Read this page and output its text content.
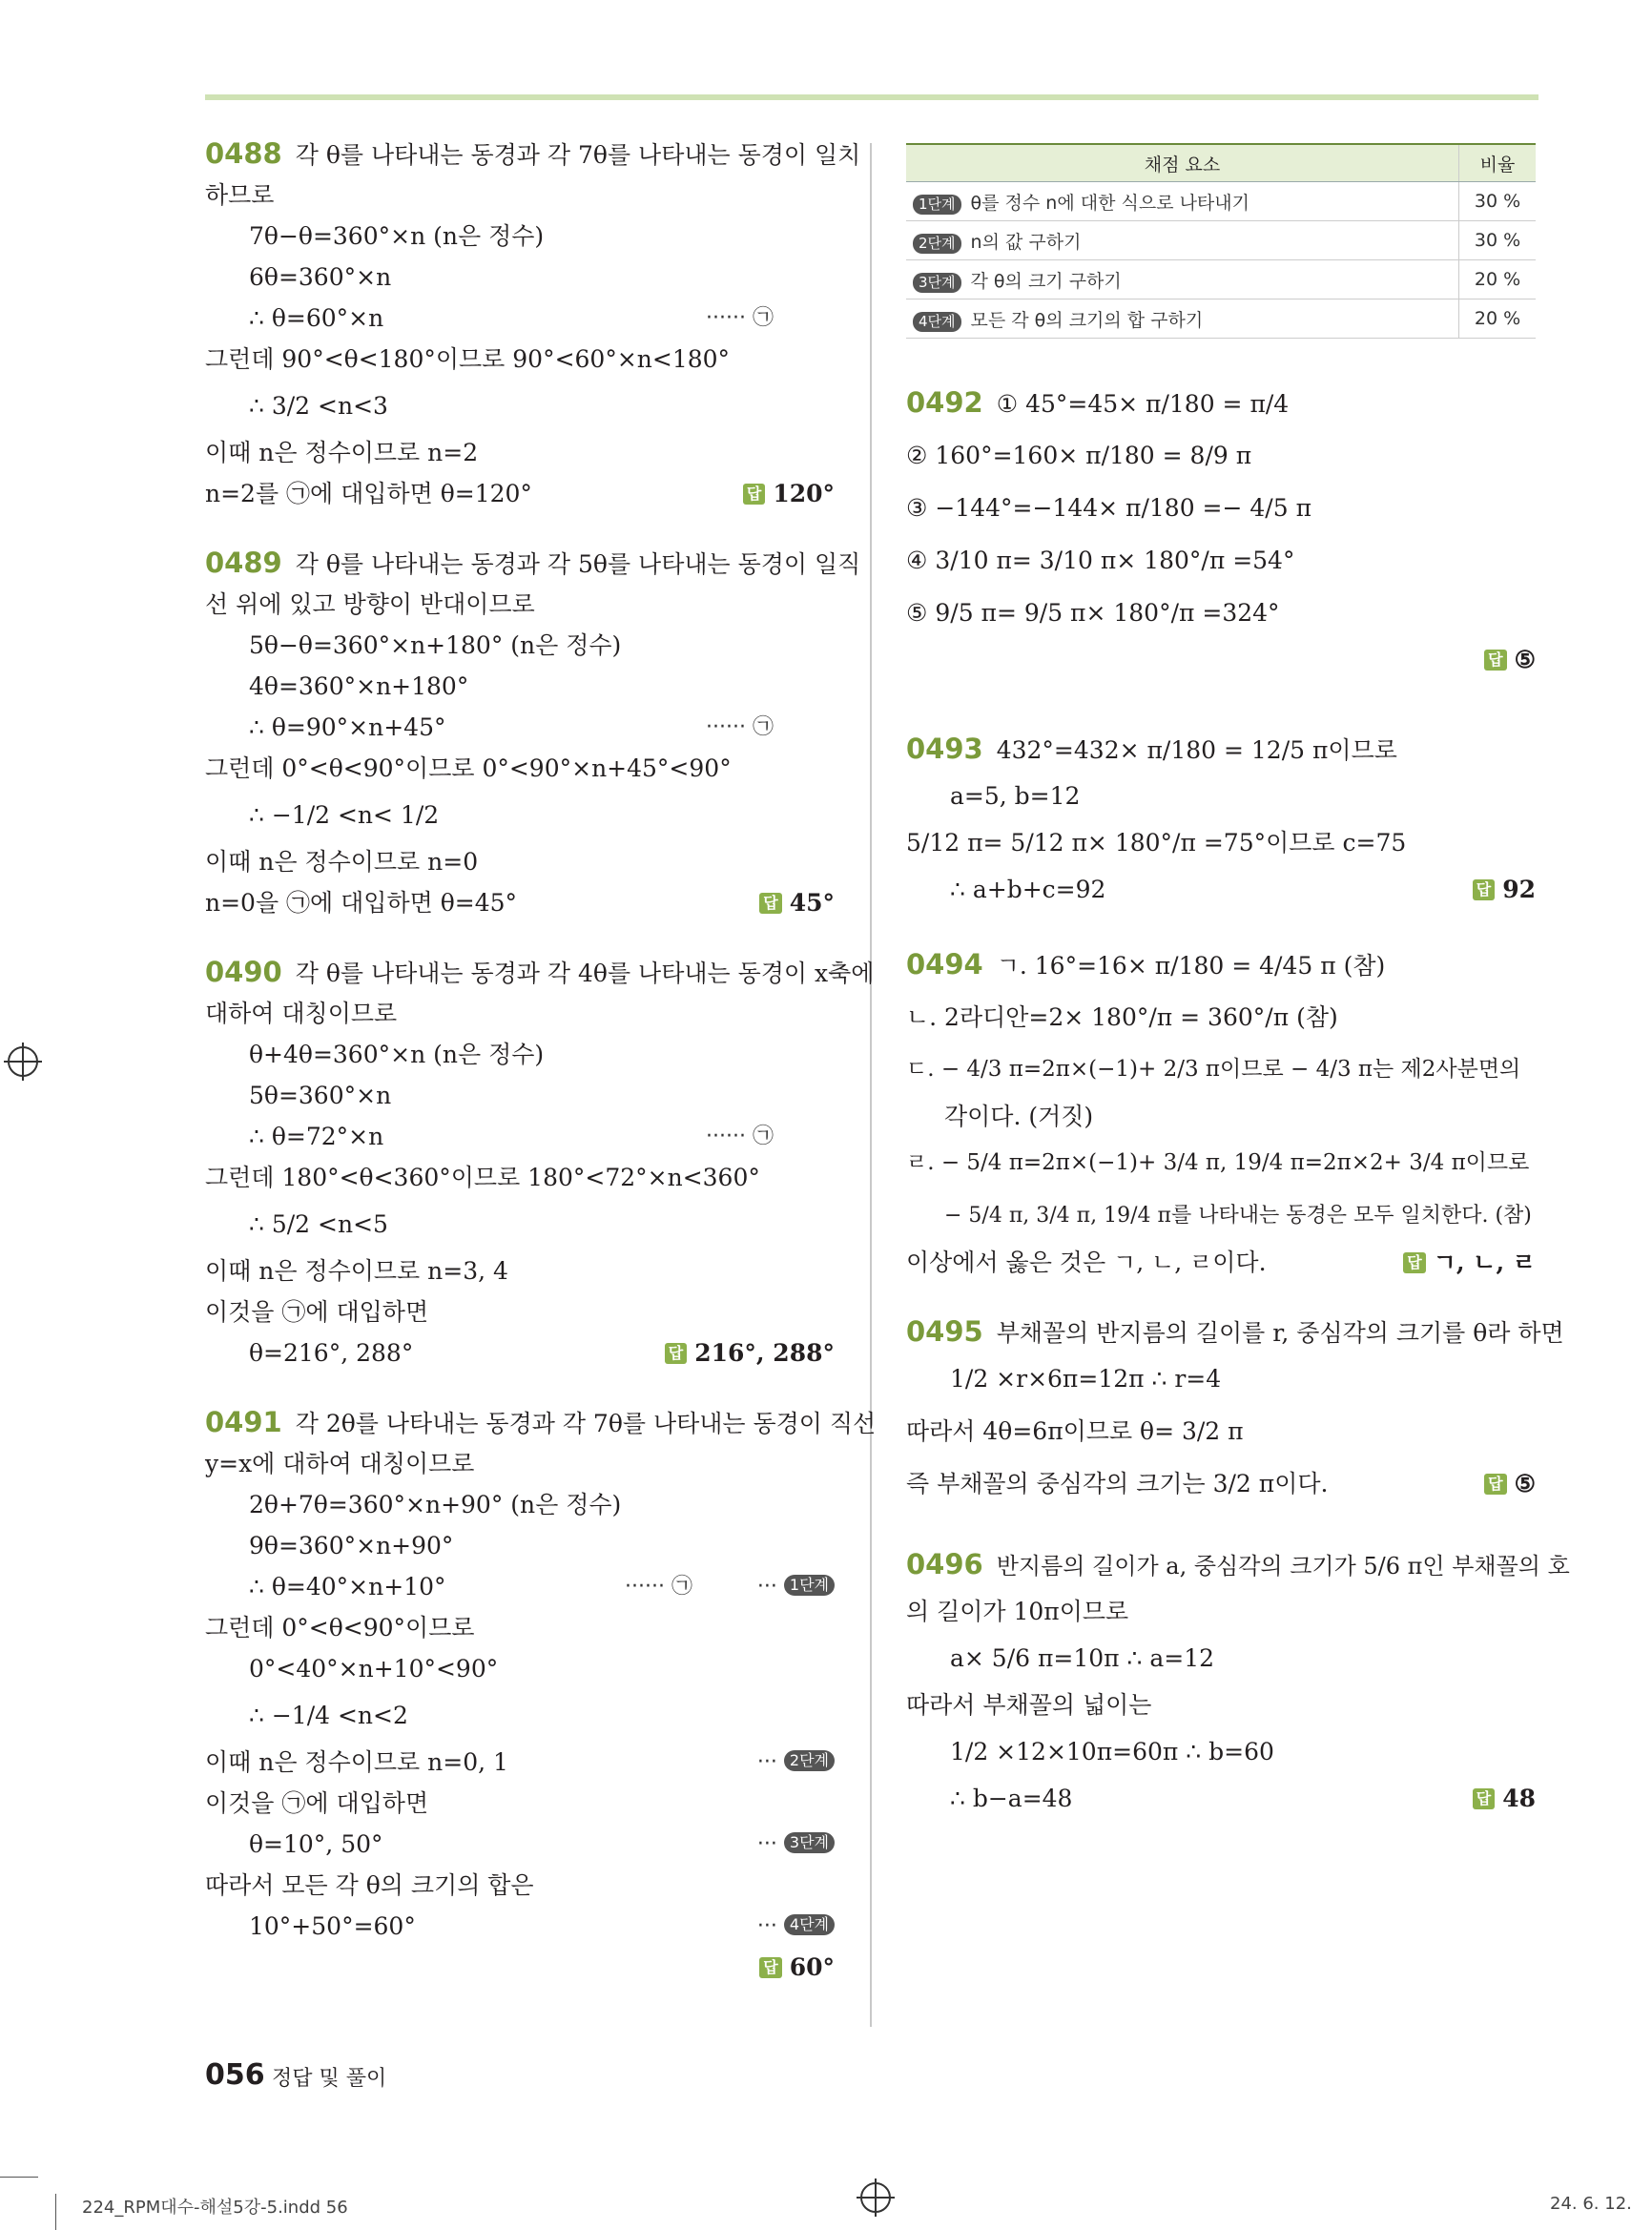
0488 각 θ를 나타내는 동경과 각 7θ를 나타내는 동경이 일치
하므로
7θ−θ=360°×n (n은 정수)
6θ=360°×n
∴ θ=60°×n	······ ㉠
그런데 90°<θ<180°이므로 90°<60°×n<180°
∴ 3/2 <n<3
이때 n은 정수이므로 n=2
n=2를 ㉠에 대입하면 θ=120°	답 120°
0489 각 θ를 나타내는 동경과 각 5θ를 나타내는 동경이 일직
선 위에 있고 방향이 반대이므로
5θ−θ=360°×n+180° (n은 정수)
4θ=360°×n+180°
∴ θ=90°×n+45°	······ ㉠
그런데 0°<θ<90°이므로 0°<90°×n+45°<90°
∴ −1/2 <n< 1/2
이때 n은 정수이므로 n=0
n=0을 ㉠에 대입하면 θ=45°	답 45°
0490 각 θ를 나타내는 동경과 각 4θ를 나타내는 동경이 x축에
대하여 대칭이므로
θ+4θ=360°×n (n은 정수)
5θ=360°×n
∴ θ=72°×n	······ ㉠
그런데 180°<θ<360°이므로 180°<72°×n<360°
∴ 5/2 <n<5
이때 n은 정수이므로 n=3, 4
이것을 ㉠에 대입하면
θ=216°, 288°	답 216°, 288°
0491 각 2θ를 나타내는 동경과 각 7θ를 나타내는 동경이 직선
y=x에 대하여 대칭이므로
2θ+7θ=360°×n+90° (n은 정수)
9θ=360°×n+90°
∴ θ=40°×n+10°	······ ㉠	··· 1단계
그런데 0°<θ<90°이므로
0°<40°×n+10°<90°
∴ −1/4 <n<2
이때 n은 정수이므로 n=0, 1	··· 2단계
이것을 ㉠에 대입하면
θ=10°, 50°	··· 3단계
따라서 모든 각 θ의 크기의 합은
10°+50°=60°	··· 4단계
답 60°
채점 요소	비율
1단계 θ를 정수 n에 대한 식으로 나타내기	30 %
2단계 n의 값 구하기	30 %
3단계 각 θ의 크기 구하기	20 %
4단계 모든 각 θ의 크기의 합 구하기	20 %
0492 ① 45°=45× π/180 = π/4
② 160°=160× π/180 = 8/9 π
③ −144°=−144× π/180 =− 4/5 π
④ 3/10 π= 3/10 π× 180°/π =54°
⑤ 9/5 π= 9/5 π× 180°/π =324°
답 ⑤
0493 432°=432× π/180 = 12/5 π이므로
a=5, b=12
5/12 π= 5/12 π× 180°/π =75°이므로 c=75
∴ a+b+c=92	답 92
0494 ㄱ. 16°=16× π/180 = 4/45 π (참)
ㄴ. 2라디안=2× 180°/π = 360°/π (참)
ㄷ. − 4/3 π=2π×(−1)+ 2/3 π이므로 − 4/3 π는 제2사분면의
각이다. (거짓)
ㄹ. − 5/4 π=2π×(−1)+ 3/4 π, 19/4 π=2π×2+ 3/4 π이므로
− 5/4 π, 3/4 π, 19/4 π를 나타내는 동경은 모두 일치한다. (참)
이상에서 옳은 것은 ㄱ, ㄴ, ㄹ이다.	답 ㄱ, ㄴ, ㄹ
0495 부채꼴의 반지름의 길이를 r, 중심각의 크기를 θ라 하면
1/2 ×r×6π=12π ∴ r=4
따라서 4θ=6π이므로 θ= 3/2 π
즉 부채꼴의 중심각의 크기는 3/2 π이다.	답 ⑤
0496 반지름의 길이가 a, 중심각의 크기가 5/6 π인 부채꼴의 호
의 길이가 10π이므로
a× 5/6 π=10π ∴ a=12
따라서 부채꼴의 넓이는
1/2 ×12×10π=60π ∴ b=60
∴ b−a=48	답 48
056 정답 및 풀이
224_RPM대수-해설5강-5.indd 56	24. 6. 12.
